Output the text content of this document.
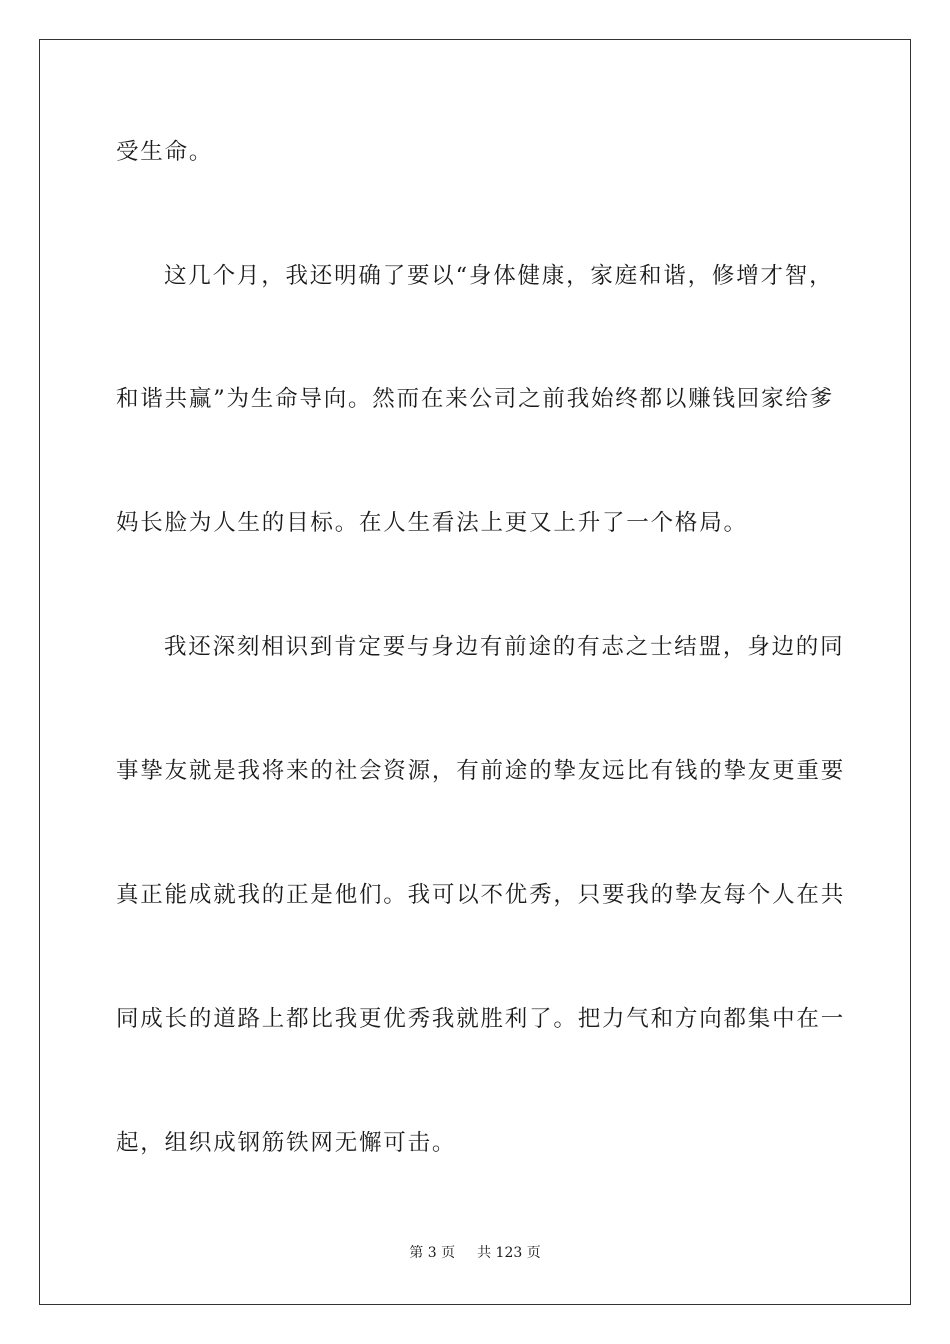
受生命。
这几个月，我还明确了要以“身体健康，家庭和谐，修增才智，
和谐共赢”为生命导向。然而在来公司之前我始终都以赚钱回家给爹
妈长脸为人生的目标。在人生看法上更又上升了一个格局。
我还深刻相识到肯定要与身边有前途的有志之士结盟，身边的同
事挚友就是我将来的社会资源，有前途的挚友远比有钱的挚友更重要
真正能成就我的正是他们。我可以不优秀，只要我的挚友每个人在共
同成长的道路上都比我更优秀我就胜利了。把力气和方向都集中在一
起，组织成钢筋铁网无懈可击。
第 3 页 共 123 页
